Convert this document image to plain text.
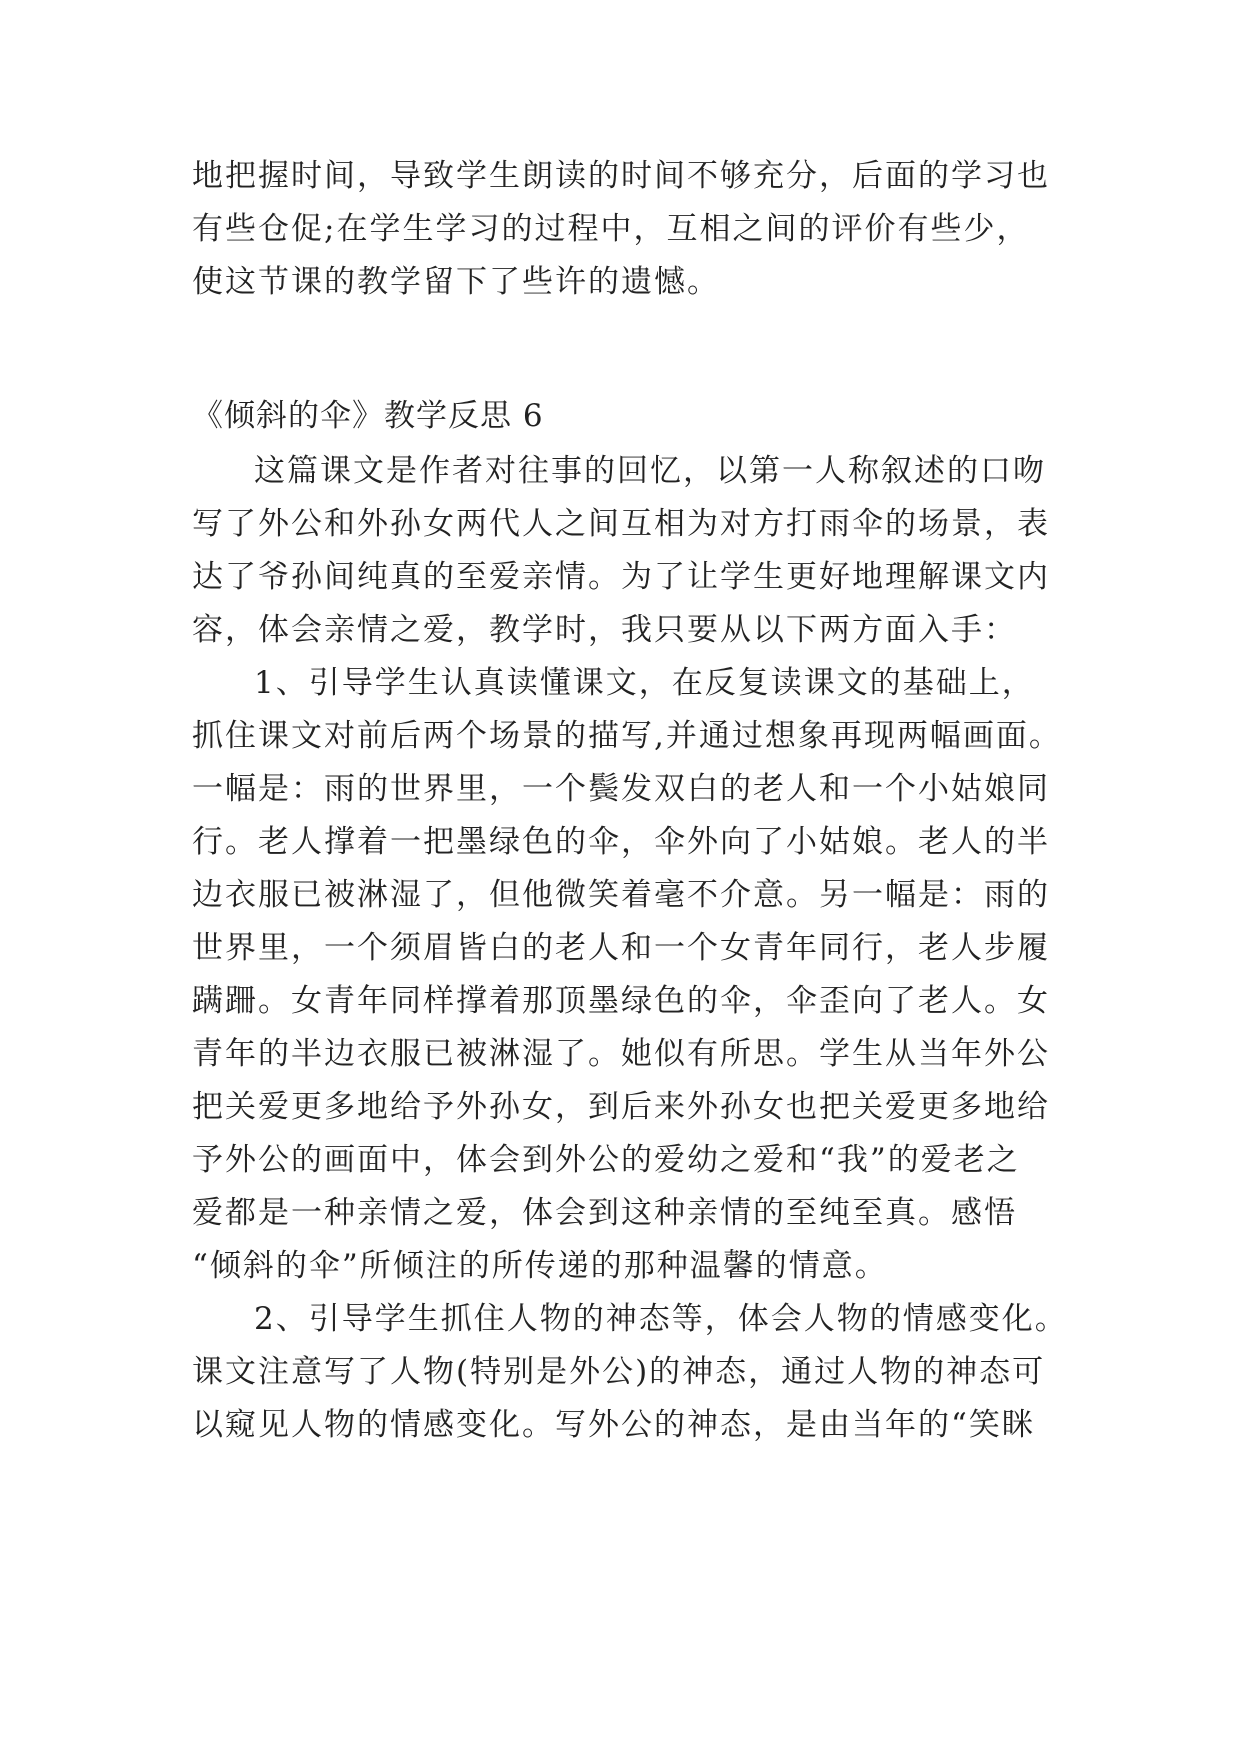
地把握时间，导致学生朗读的时间不够充分，后面的学习也
有些仓促;在学生学习的过程中，互相之间的评价有些少，
使这节课的教学留下了些许的遗憾。
《倾斜的伞》教学反思 6
这篇课文是作者对往事的回忆，以第一人称叙述的口吻
写了外公和外孙女两代人之间互相为对方打雨伞的场景，表
达了爷孙间纯真的至爱亲情。为了让学生更好地理解课文内
容，体会亲情之爱，教学时，我只要从以下两方面入手：
1、引导学生认真读懂课文，在反复读课文的基础上，
抓住课文对前后两个场景的描写,并通过想象再现两幅画面。
一幅是：雨的世界里，一个鬓发双白的老人和一个小姑娘同
行。老人撑着一把墨绿色的伞，伞外向了小姑娘。老人的半
边衣服已被淋湿了，但他微笑着毫不介意。另一幅是：雨的
世界里，一个须眉皆白的老人和一个女青年同行，老人步履
蹒跚。女青年同样撑着那顶墨绿色的伞，伞歪向了老人。女
青年的半边衣服已被淋湿了。她似有所思。学生从当年外公
把关爱更多地给予外孙女，到后来外孙女也把关爱更多地给
予外公的画面中，体会到外公的爱幼之爱和“我”的爱老之
爱都是一种亲情之爱，体会到这种亲情的至纯至真。感悟
“倾斜的伞”所倾注的所传递的那种温馨的情意。
2、引导学生抓住人物的神态等，体会人物的情感变化。
课文注意写了人物(特别是外公)的神态，通过人物的神态可
以窥见人物的情感变化。写外公的神态，是由当年的“笑眯
